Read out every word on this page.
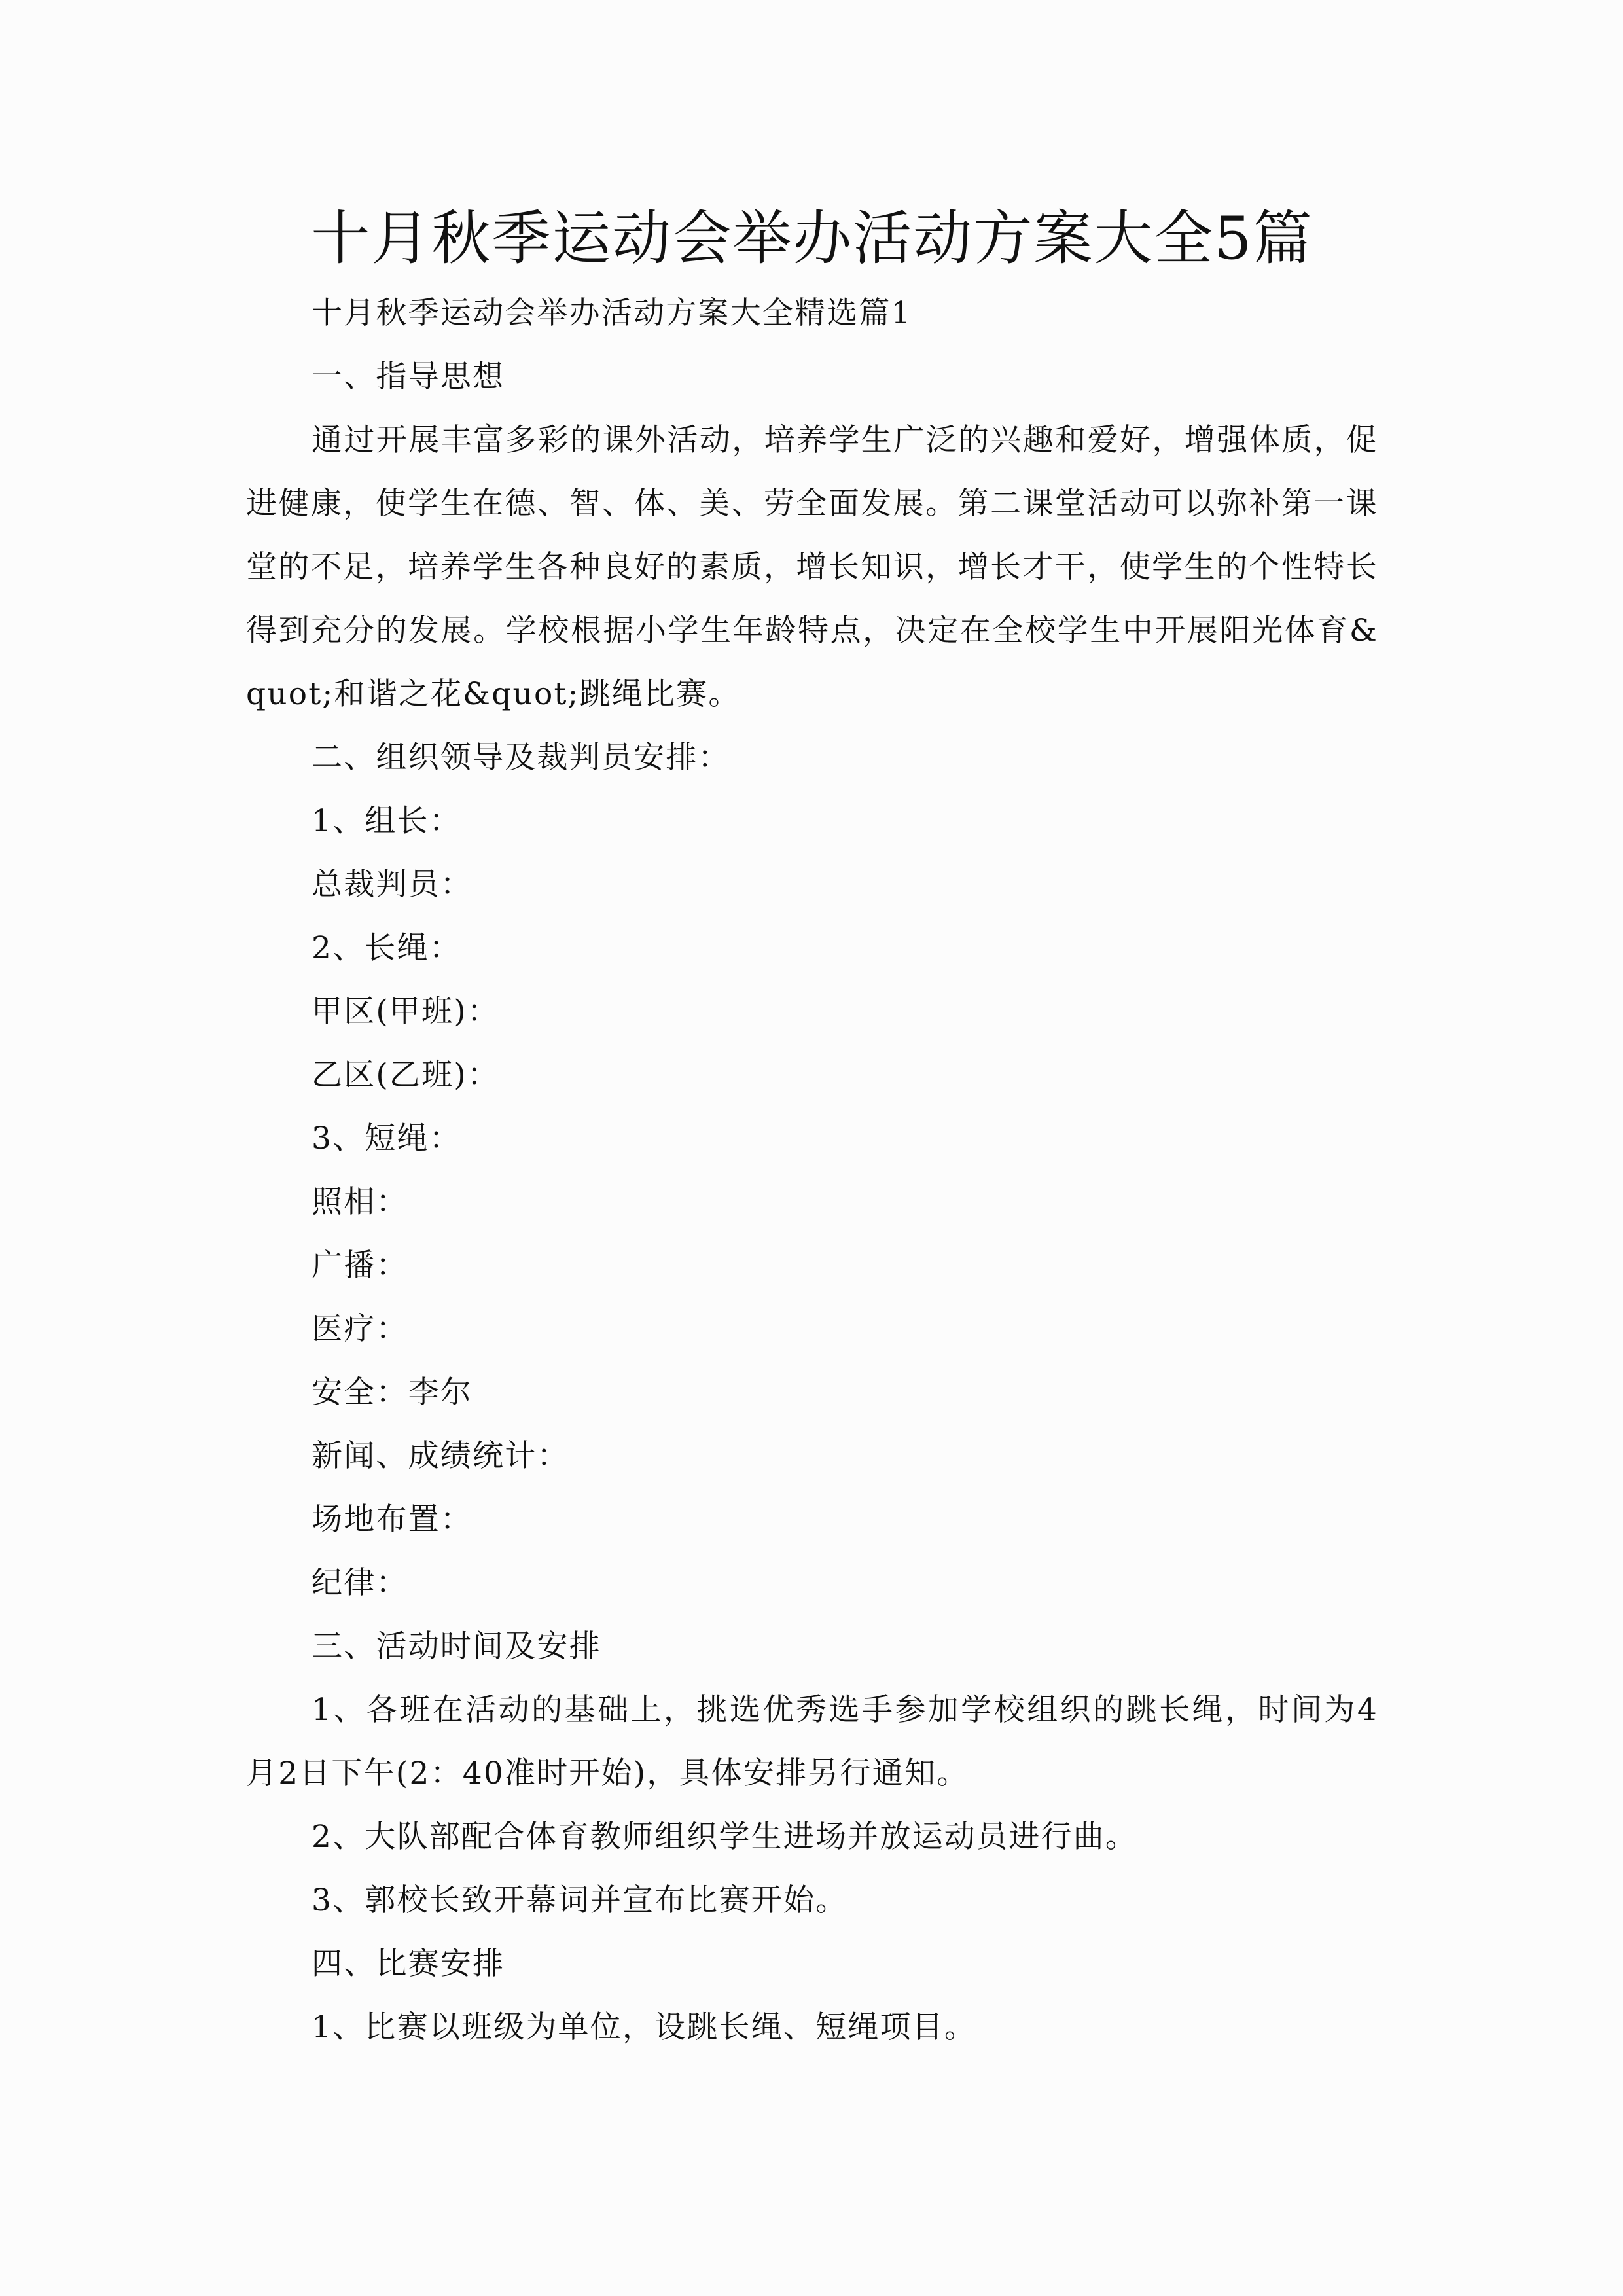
十月秋季运动会举办活动方案大全5篇

十月秋季运动会举办活动方案大全精选篇1

一、指导思想

通过开展丰富多彩的课外活动，培养学生广泛的兴趣和爱好，增强体质，促进健康，使学生在德、智、体、美、劳全面发展。第二课堂活动可以弥补第一课堂的不足，培养学生各种良好的素质，增长知识，增长才干，使学生的个性特长得到充分的发展。学校根据小学生年龄特点，决定在全校学生中开展阳光体育&quot;和谐之花&quot;跳绳比赛。

二、组织领导及裁判员安排：

1、组长：

总裁判员：

2、长绳：

甲区(甲班)：

乙区(乙班)：

3、短绳：

照相：

广播：

医疗：

安全：李尔

新闻、成绩统计：

场地布置：

纪律：

三、活动时间及安排

1、各班在活动的基础上，挑选优秀选手参加学校组织的跳长绳，时间为4月2日下午(2：40准时开始)，具体安排另行通知。

2、大队部配合体育教师组织学生进场并放运动员进行曲。

3、郭校长致开幕词并宣布比赛开始。

四、比赛安排

1、比赛以班级为单位，设跳长绳、短绳项目。
